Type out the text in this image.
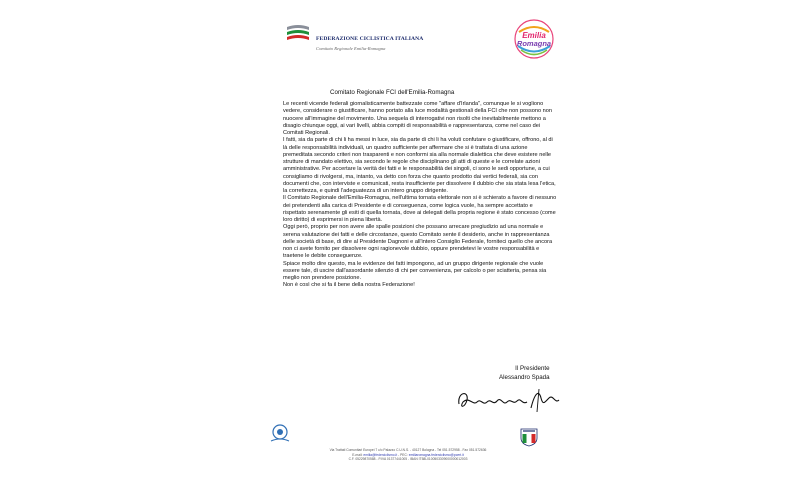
FEDERAZIONE CICLISTICA ITALIANA
Comitato Regionale Emilia-Romagna
Emilia
Romagna
Comitato Regionale FCI dell'Emilia-Romagna

Le recenti vicende federali giornalisticamente battezzate come "affare d'Irlanda", comunque le si vogliono vedere, considerare o giustificare, hanno portato alla luce modalità gestionali della FCI che non possono non nuocere all'immagine del movimento. Una sequela di interrogativi non risolti che inevitabilmente mettono a disagio chiunque oggi, ai vari livelli, abbia compiti di responsabilità e rappresentanza, come nel caso dei Comitati Regionali.

I fatti, sia da parte di chi li ha messi in luce, sia da parte di chi li ha voluti confutare o giustificare, offrono, al di là delle responsabilità individuali, un quadro sufficiente per affermare che si è trattata di una azione premeditata secondo criteri non trasparenti e non conformi sia alla normale dialettica che deve esistere nelle strutture di mandato elettivo, sia secondo le regole che disciplinano gli atti di queste e le correlate azioni amministrative. Per accertare la verità dei fatti e le responsabilità dei singoli, ci sono le sedi opportune, a cui consigliamo di rivolgersi, ma, intanto, va detto con forza che quanto prodotto dai vertici federali, sia con documenti che, con interviste e comunicati, resta insufficiente per dissolvere il dubbio che sia stata lesa l'etica, la correttezza, e quindi l'adeguatezza di un intero gruppo dirigente.

Il Comitato Regionale dell'Emilia-Romagna, nell'ultima tornata elettorale non si è schierato a favore di nessuno dei pretendenti alla carica di Presidente e di conseguenza, come logica vuole, ha sempre accettato e rispettato serenamente gli esiti di quella tornata, dove ai delegati della propria regione è stato concesso (come loro diritto) di esprimersi in piena libertà.

Oggi però, proprio per non avere alle spalle posizioni che possano arrecare pregiudizio ad una normale e serena valutazione dei fatti e delle circostanze, questo Comitato sente il desiderio, anche in rappresentanza delle società di base, di dire al Presidente Dagnoni e all'intero Consiglio Federale, forniteci quello che ancora non ci avete fornito per dissolvere ogni ragionevole dubbio, oppure prendetevi le vostre responsabilità e traetene le debite conseguenze.

Spiace molto dire questo, ma le evidenze dei fatti impongono, ad un gruppo dirigente regionale che vuole essere tale, di uscire dall'assordante silenzio di chi per convenienza, per calcolo o per sciatteria, pensa sia meglio non prendere posizione.

Non è così che si fa il bene della nostra Federazione!

Il Presidente
Alessandro Spada
Via Trattati Comunitari Europei 7 c/o Palazzo C.U.N.S. - 40127 Bologna - Tel 051.572958 - Fax 051.572636
E-mail: emilia@federciclismo.it - PEC: emiliaromagna.federciclismo@pcert.it
C.F. 05229870588 - P.IVA 01377441005 - IBAN IT58L0100503309000000012003
